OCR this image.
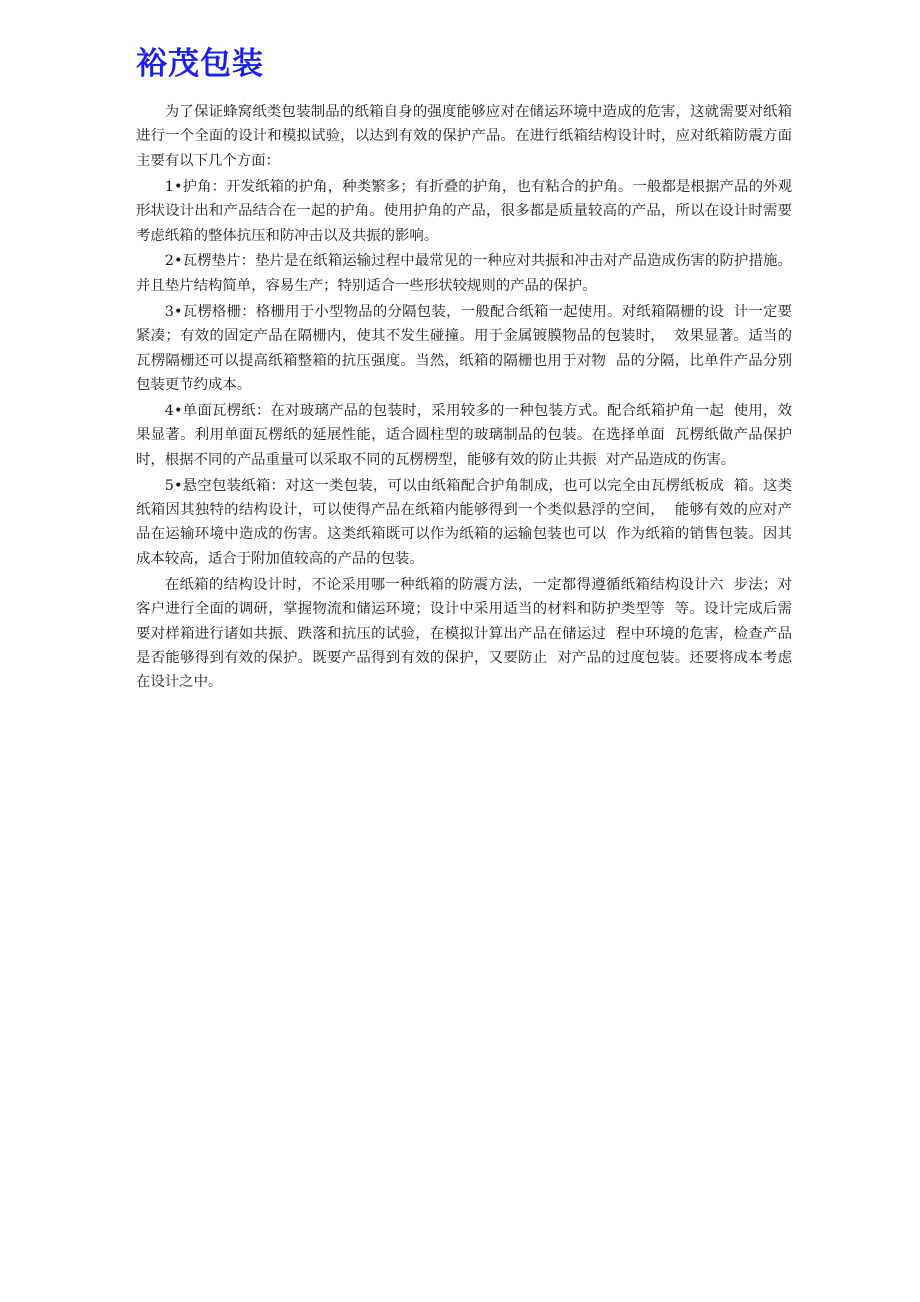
裕茂包装

为了保证蜂窝纸类包装制品的纸箱自身的强度能够应对在储运环境中造成的危害，这就需要对纸箱进行一个全面的设计和模拟试验，以达到有效的保护产品。在进行纸箱结构设计时，应对纸箱防震方面主要有以下几个方面：

1•护角：开发纸箱的护角，种类繁多；有折叠的护角，也有粘合的护角。一般都是根据产品的外观形状设计出和产品结合在一起的护角。使用护角的产品，很多都是质量较高的产品，所以在设计时需要考虑纸箱的整体抗压和防冲击以及共振的影响。

2•瓦楞垫片：垫片是在纸箱运输过程中最常见的一种应对共振和冲击对产品造成伤害的防护措施。并且垫片结构简单，容易生产；特别适合一些形状较规则的产品的保护。

3•瓦楞格栅：格栅用于小型物品的分隔包装，一般配合纸箱一起使用。对纸箱隔栅的设  计一定要紧凑；有效的固定产品在隔栅内，使其不发生碰撞。用于金属镀膜物品的包装时，  效果显著。适当的瓦楞隔栅还可以提高纸箱整箱的抗压强度。当然，纸箱的隔栅也用于对物  品的分隔，比单件产品分别包装更节约成本。

4•单面瓦楞纸：在对玻璃产品的包装时，采用较多的一种包装方式。配合纸箱护角一起  使用，效果显著。利用单面瓦楞纸的延展性能，适合圆柱型的玻璃制品的包装。在选择单面  瓦楞纸做产品保护时，根据不同的产品重量可以采取不同的瓦楞楞型，能够有效的防止共振  对产品造成的伤害。

5•悬空包装纸箱：对这一类包装，可以由纸箱配合护角制成，也可以完全由瓦楞纸板成  箱。这类纸箱因其独特的结构设计，可以使得产品在纸箱内能够得到一个类似悬浮的空间，  能够有效的应对产品在运输环境中造成的伤害。这类纸箱既可以作为纸箱的运输包装也可以  作为纸箱的销售包装。因其成本较高，适合于附加值较高的产品的包装。

在纸箱的结构设计时，不论采用哪一种纸箱的防震方法，一定都得遵循纸箱结构设计六  步法；对客户进行全面的调研，掌握物流和储运环境；设计中采用适当的材料和防护类型等  等。设计完成后需要对样箱进行诸如共振、跌落和抗压的试验，在模拟计算出产品在储运过  程中环境的危害，检查产品是否能够得到有效的保护。既要产品得到有效的保护，又要防止  对产品的过度包装。还要将成本考虑在设计之中。
